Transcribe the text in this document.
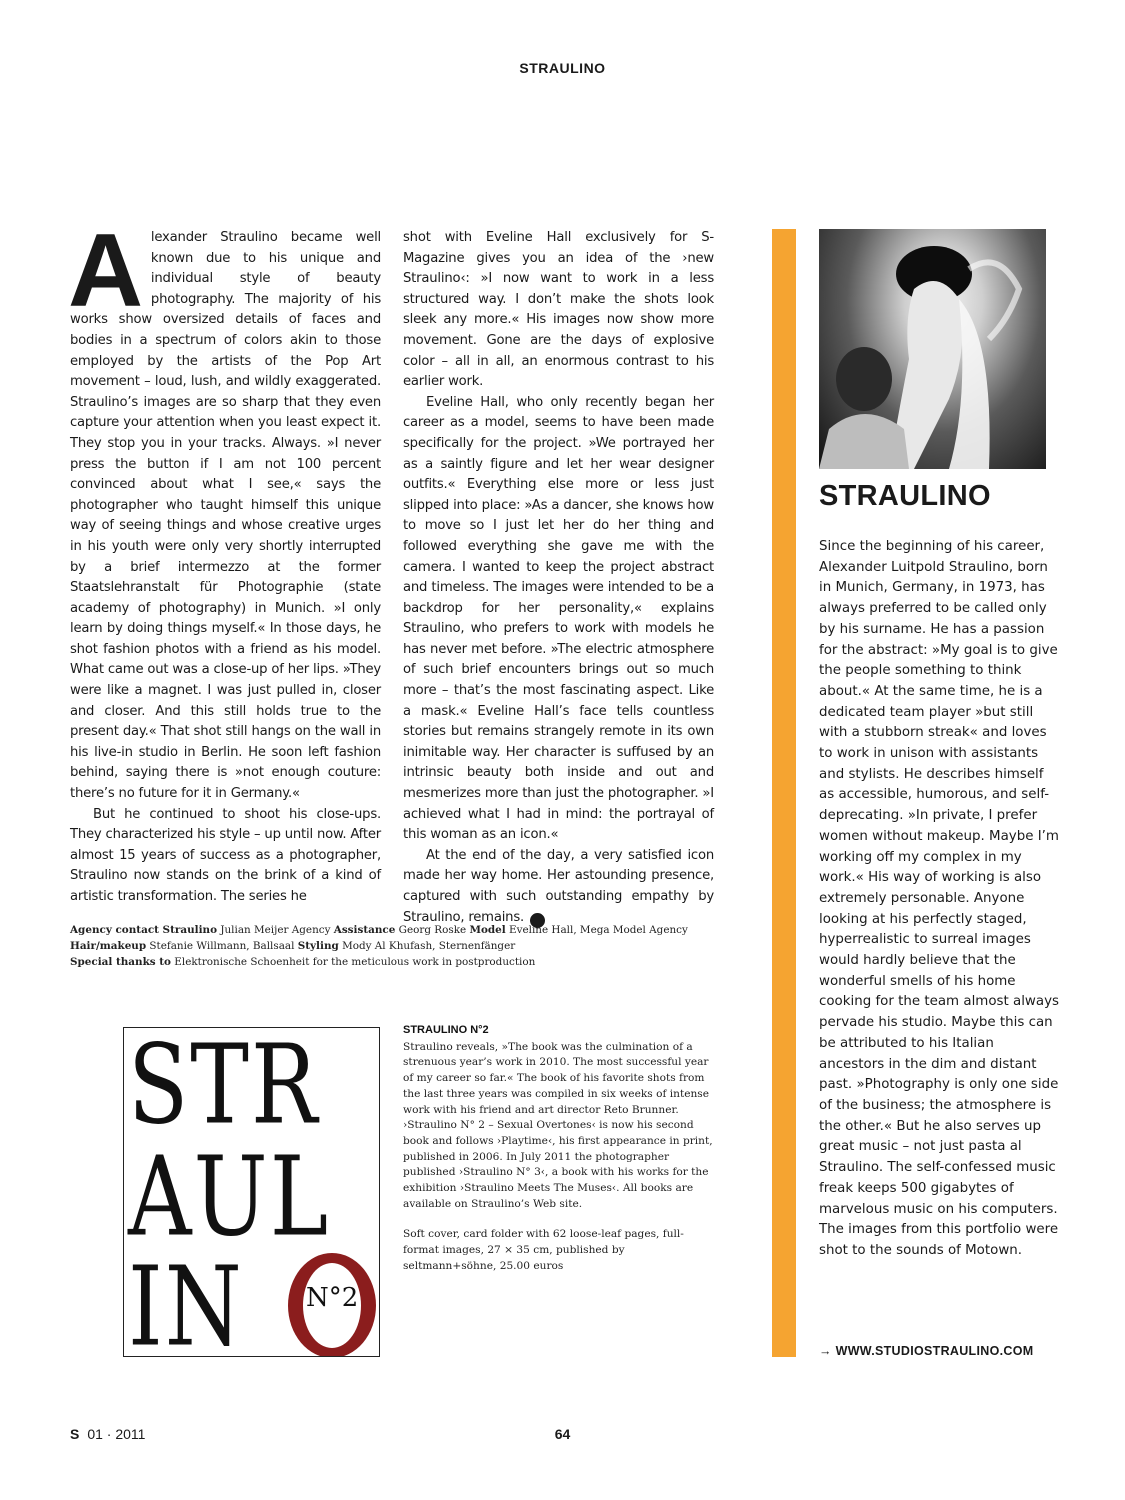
STRAULINO

Alexander Straulino became well known due to his unique and individual style of beauty photography. The majority of his works show oversized details of faces and bodies in a spectrum of colors akin to those employed by the artists of the Pop Art movement – loud, lush, and wildly exaggerated. Straulino’s images are so sharp that they even capture your attention when you least expect it. They stop you in your tracks. Always. »I never press the button if I am not 100 percent convinced about what I see,« says the photographer who taught himself this unique way of seeing things and whose creative urges in his youth were only very shortly interrupted by a brief intermezzo at the former Staatslehranstalt für Photographie (state academy of photography) in Munich. »I only learn by doing things myself.« In those days, he shot fashion photos with a friend as his model. What came out was a close-up of her lips. »They were like a magnet. I was just pulled in, closer and closer. And this still holds true to the present day.« That shot still hangs on the wall in his live-in studio in Berlin. He soon left fashion behind, saying there is »not enough couture: there’s no future for it in Germany.«

But he continued to shoot his close-ups. They characterized his style – up until now. After almost 15 years of success as a photographer, Straulino now stands on the brink of a kind of artistic transformation. The series he

shot with Eveline Hall exclusively for S-Magazine gives you an idea of the ›new Straulino‹: »I now want to work in a less structured way. I don’t make the shots look sleek any more.« His images now show more movement. Gone are the days of explosive color – all in all, an enormous contrast to his earlier work.

Eveline Hall, who only recently began her career as a model, seems to have been made specifically for the project. »We portrayed her as a saintly figure and let her wear designer outfits.« Everything else more or less just slipped into place: »As a dancer, she knows how to move so I just let her do her thing and followed everything she gave me with the camera. I wanted to keep the project abstract and timeless. The images were intended to be a backdrop for her personality,« explains Straulino, who prefers to work with models he has never met before. »The electric atmosphere of such brief encounters brings out so much more – that’s the most fascinating aspect. Like a mask.« Eveline Hall’s face tells countless stories but remains strangely remote in its own inimitable way. Her character is suffused by an intrinsic beauty both inside and out and mesmerizes more than just the photographer. »I achieved what I had in mind: the portrayal of this woman as an icon.«

At the end of the day, a very satisfied icon made her way home. Her astounding presence, captured with such outstanding empathy by Straulino, remains.	S

Agency contact Straulino Julian Meijer Agency Assistance Georg Roske Model Eveline Hall, Mega Model Agency Hair/makeup Stefanie Willmann, Ballsaal Styling Mody Al Khufash, Sternenfänger
Special thanks to Elektronische Schoenheit for the meticulous work in postproduction
STR
AUL
IN N°2
STRAULINO N°2

Straulino reveals, »The book was the culmination of a strenuous year’s work in 2010. The most successful year of my career so far.« The book of his favorite shots from the last three years was compiled in six weeks of intense work with his friend and art director Reto Brunner. ›Straulino N° 2 – Sexual Overtones‹ is now his second book and follows ›Playtime‹, his first appearance in print, published in 2006. In July 2011 the photographer published ›Straulino N° 3‹, a book with his works for the exhibition ›Straulino Meets The Muses‹. All books are available on Straulino’s Web site.

Soft cover, card folder with 62 loose-leaf pages, full-format images, 27 × 35 cm, published by seltmann+söhne, 25.00 euros

STRAULINO
Since the beginning of his career, Alexander Luitpold Straulino, born in Munich, Germany, in 1973, has always preferred to be called only by his surname. He has a passion for the abstract: »My goal is to give the people something to think about.« At the same time, he is a dedicated team player »but still with a stubborn streak« and loves to work in unison with assistants and stylists. He describes himself as accessible, humorous, and self-deprecating. »In private, I prefer women without makeup. Maybe I’m working off my complex in my work.« His way of working is also extremely personable. Anyone looking at his perfectly staged, hyperrealistic to surreal images would hardly believe that the wonderful smells of his home cooking for the team almost always pervade his studio. Maybe this can be attributed to his Italian ancestors in the dim and distant past. »Photography is only one side of the business; the atmosphere is the other.« But he also serves up great music – not just pasta al Straulino. The self-confessed music freak keeps 500 gigabytes of marvelous music on his computers. The images from this portfolio were shot to the sounds of Motown.
→ WWW.STUDIOSTRAULINO.COM
S 01 · 2011	64
